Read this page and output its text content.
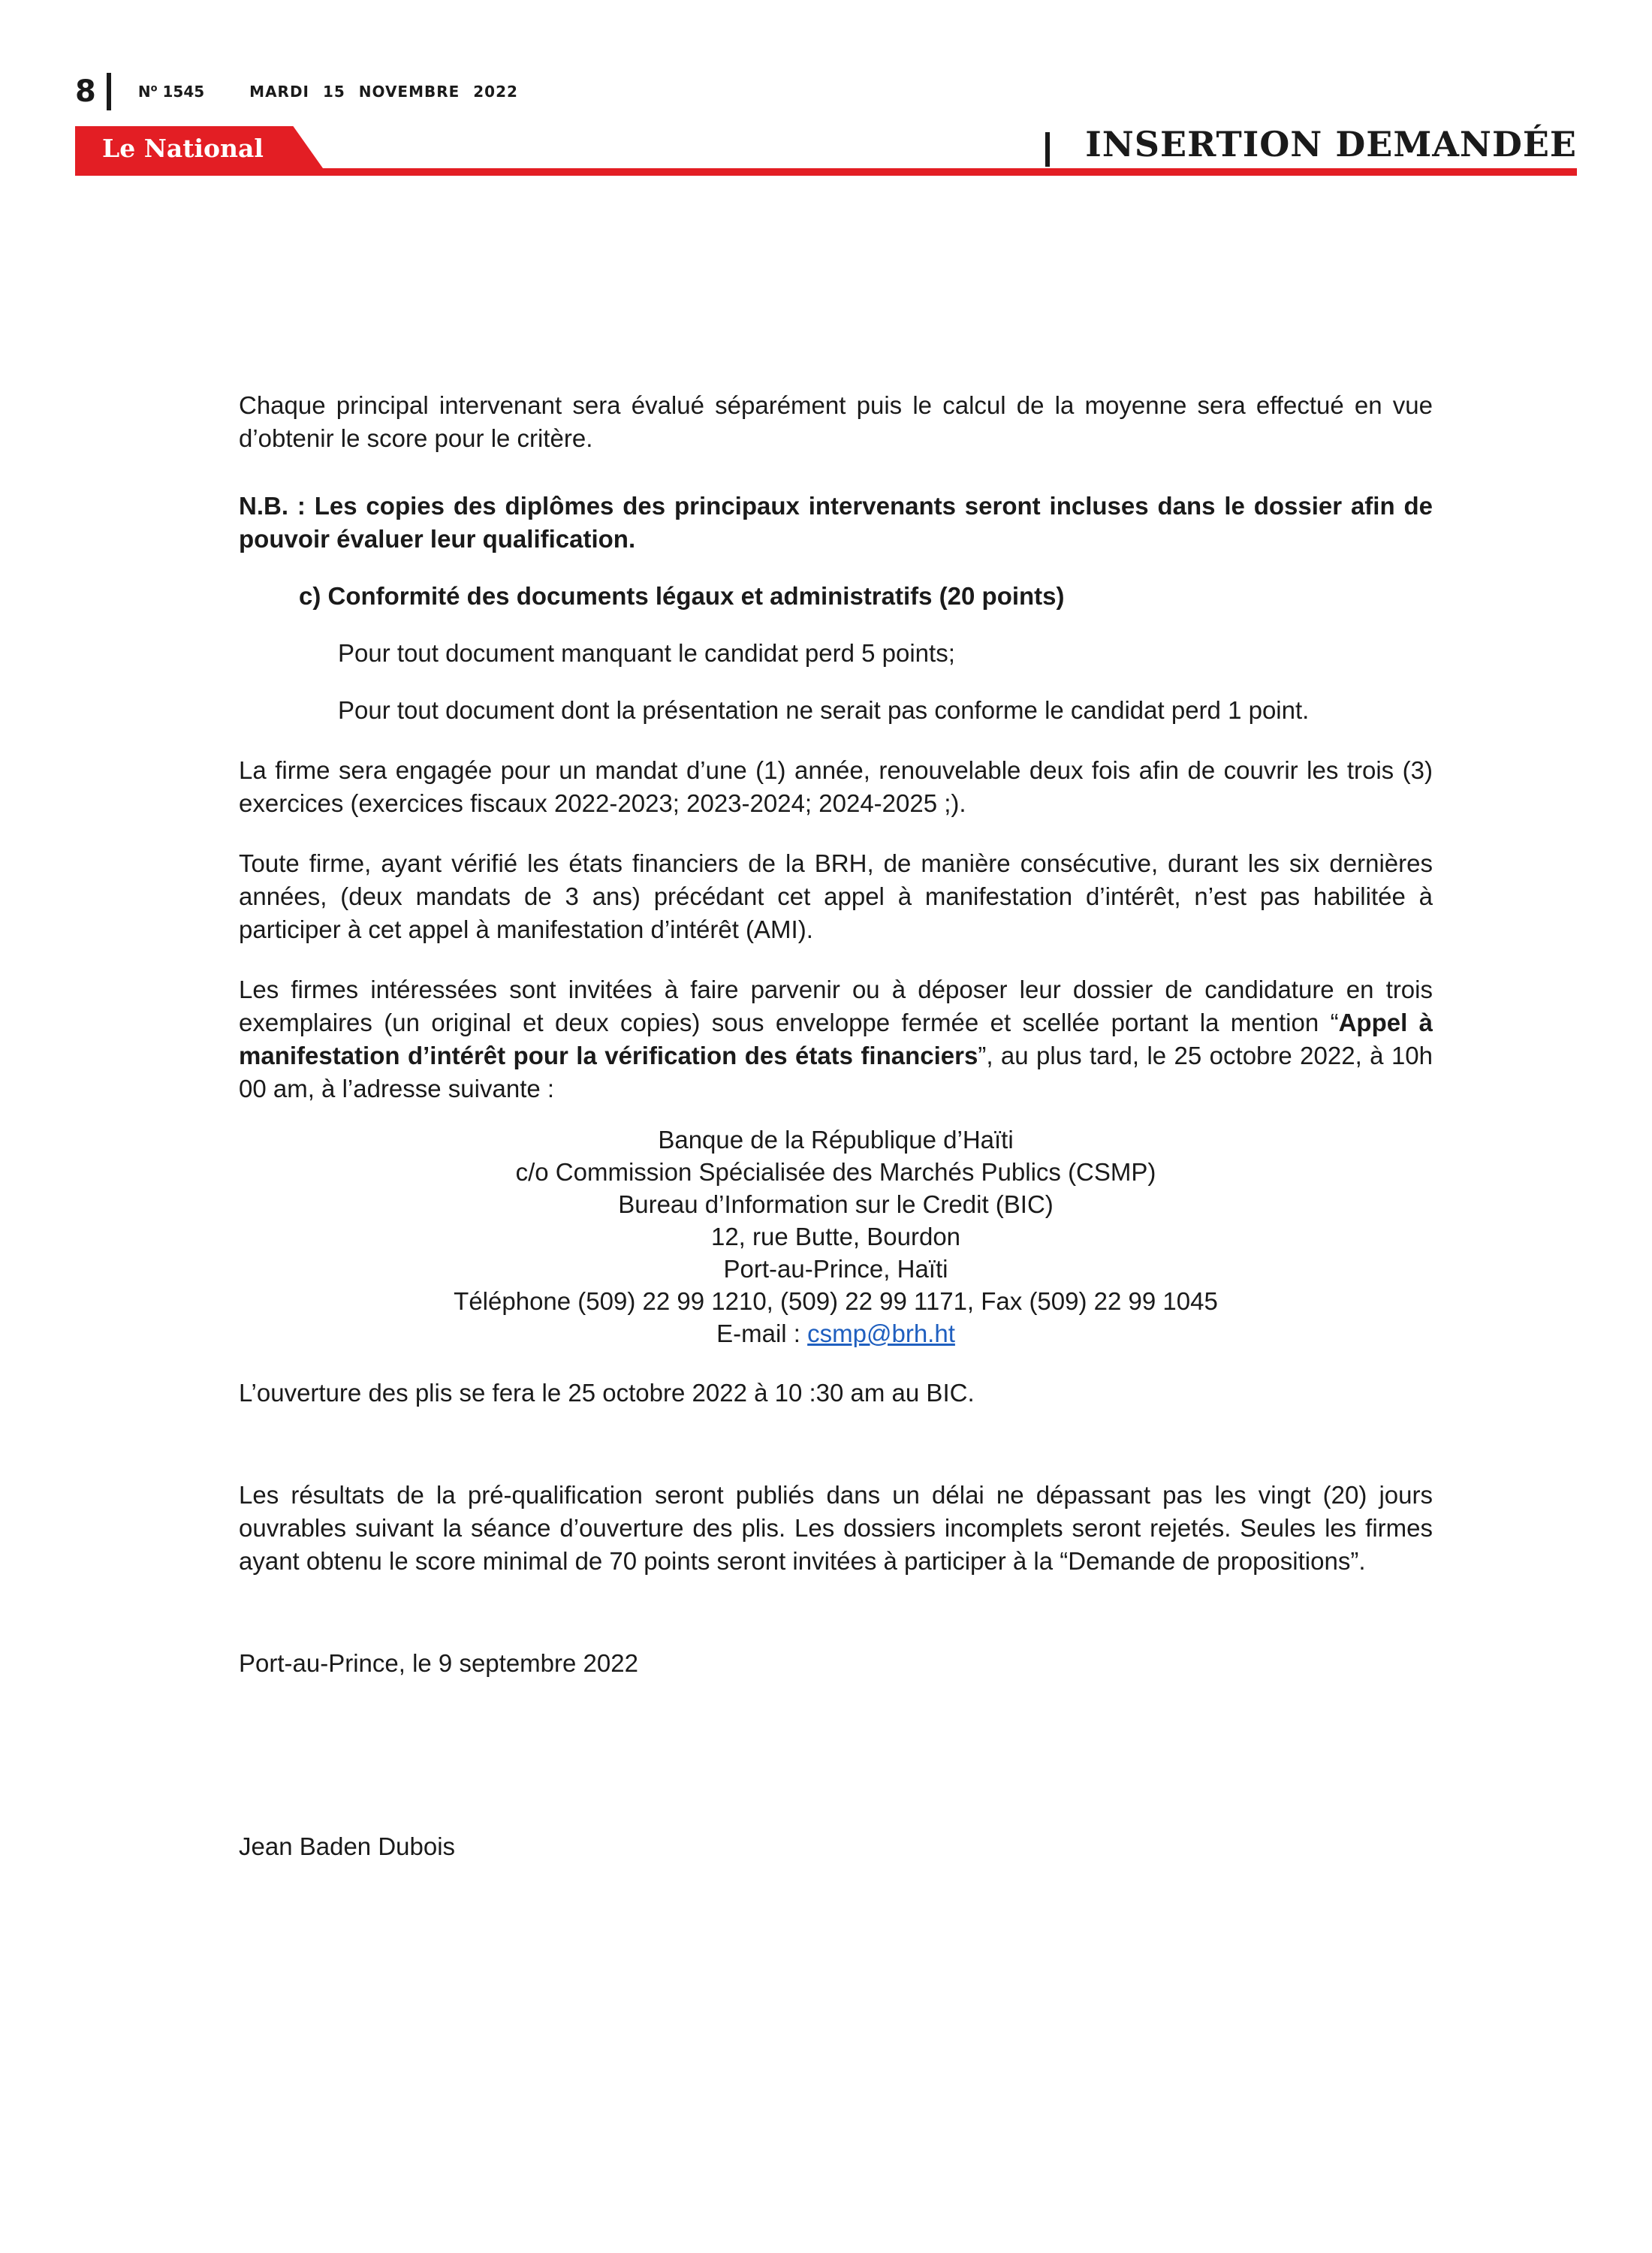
8	$N^o$ 1545	MARDI 15 NOVEMBRE 2022
Le National	INSERTION DEMANDÉE

Chaque principal intervenant sera évalué séparément puis le calcul de la moyenne sera effectué en vue d’obtenir le score pour le critère.

N.B. : Les copies des diplômes des principaux intervenants seront incluses dans le dossier afin de pouvoir évaluer leur qualification.

c) Conformité des documents légaux et administratifs (20 points)

Pour tout document manquant le candidat perd 5 points;

Pour tout document dont la présentation ne serait pas conforme le candidat perd 1 point.

La firme sera engagée pour un mandat d’une (1) année, renouvelable deux fois afin de couvrir les trois (3) exercices (exercices fiscaux 2022-2023; 2023-2024; 2024-2025 ;).

Toute firme, ayant vérifié les états financiers de la BRH, de manière consécutive, durant les six dernières années, (deux mandats de 3 ans) précédant cet appel à manifestation d’intérêt, n’est pas habilitée à participer à cet appel à manifestation d’intérêt (AMI).

Les firmes intéressées sont invitées à faire parvenir ou à déposer leur dossier de candidature en trois exemplaires (un original et deux copies) sous enveloppe fermée et scellée portant la mention “Appel à manifestation d’intérêt pour la vérification des états financiers”, au plus tard, le 25 octobre 2022, à 10h 00 am, à l’adresse suivante :

Banque de la République d’Haïti
c/o Commission Spécialisée des Marchés Publics (CSMP)
Bureau d’Information sur le Credit (BIC)
12, rue Butte, Bourdon
Port-au-Prince, Haïti
Téléphone (509) 22 99 1210, (509) 22 99 1171, Fax (509) 22 99 1045
E-mail : csmp@brh.ht

L’ouverture des plis se fera le 25 octobre 2022 à 10 :30 am au BIC.

Les résultats de la pré-qualification seront publiés dans un délai ne dépassant pas les vingt (20) jours ouvrables suivant la séance d’ouverture des plis. Les dossiers incomplets seront rejetés. Seules les firmes ayant obtenu le score minimal de 70 points seront invitées à participer à la “Demande de propositions”.

Port-au-Prince, le 9 septembre 2022

Jean Baden Dubois
